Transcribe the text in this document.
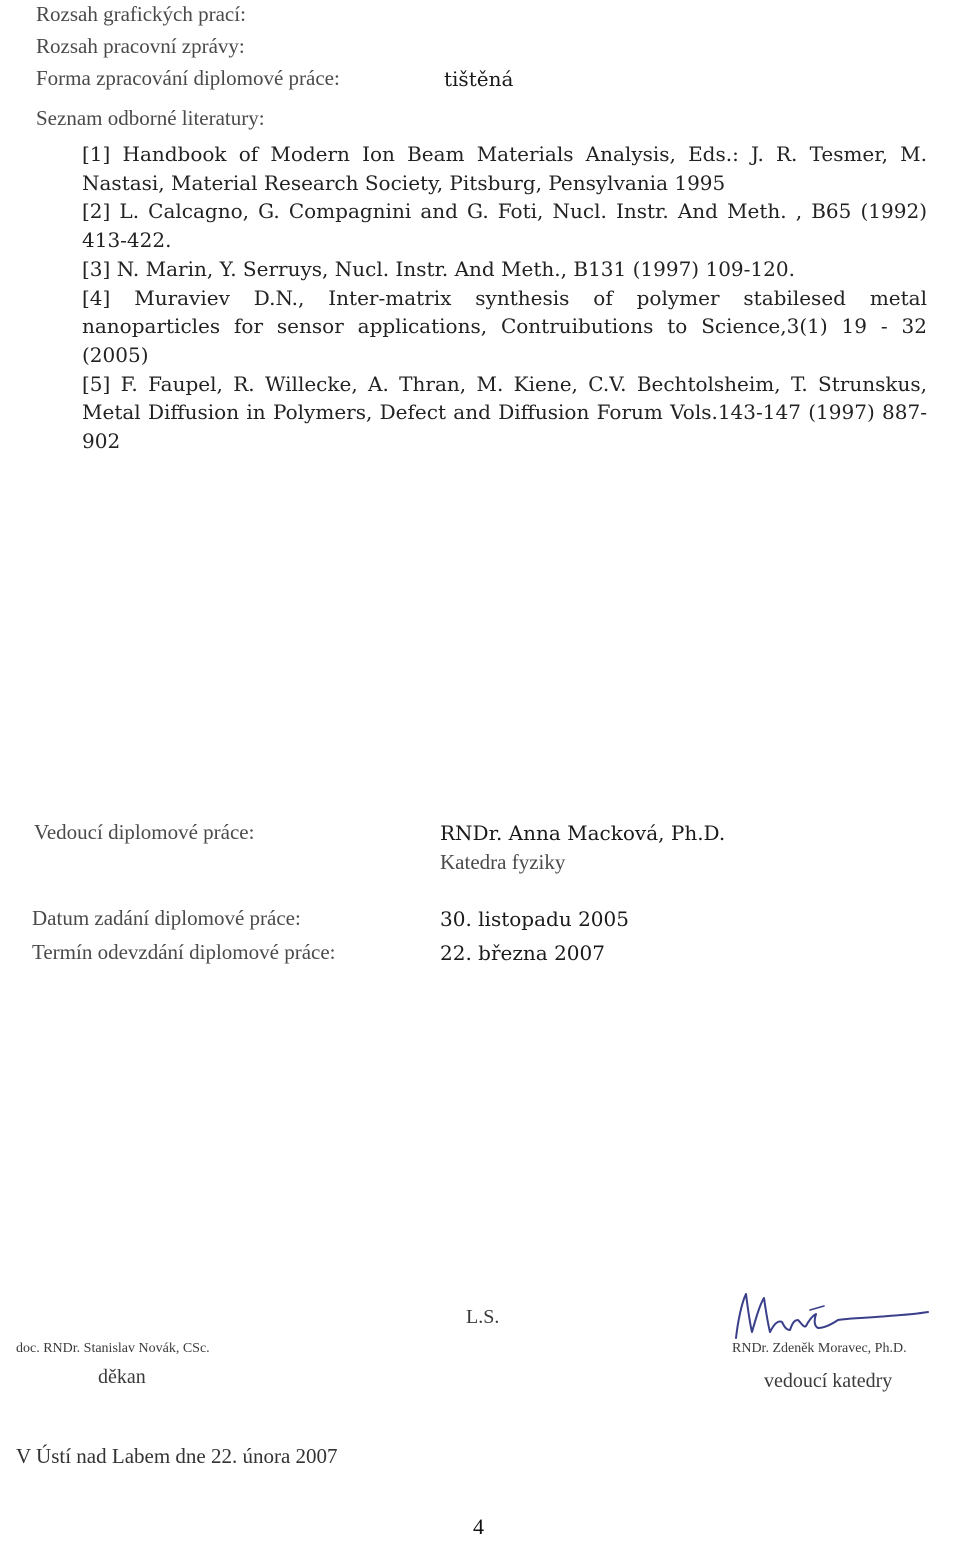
Rozsah grafických prací:
Rozsah pracovní zprávy:
Forma zpracování diplomové práce:	tištěná
Seznam odborné literatury:

[1] Handbook of Modern Ion Beam Materials Analysis, Eds.: J. R. Tesmer, M. Nastasi, Material Research Society, Pitsburg, Pensylvania 1995

[2] L. Calcagno, G. Compagnini and G. Foti, Nucl. Instr. And Meth. , B65 (1992) 413-422.

[3] N. Marin, Y. Serruys, Nucl. Instr. And Meth., B131 (1997) 109-120.

[4] Muraviev D.N., Inter-matrix synthesis of polymer stabilesed metal nanoparticles for sensor applications, Contruibutions to Science,3(1) 19 - 32 (2005)

[5] F. Faupel, R. Willecke, A. Thran, M. Kiene, C.V. Bechtolsheim, T. Strunskus, Metal Diffusion in Polymers, Defect and Diffusion Forum Vols.143-147 (1997) 887-902

Vedoucí diplomové práce:	RNDr. Anna Macková, Ph.D.
Katedra fyziky
Datum zadání diplomové práce:	30. listopadu 2005
Termín odevzdání diplomové práce:	22. března 2007
L.S.
doc. RNDr. Stanislav Novák, CSc.
děkan
RNDr. Zdeněk Moravec, Ph.D.
vedoucí katedry
V Ústí nad Labem dne 22. února 2007
4
